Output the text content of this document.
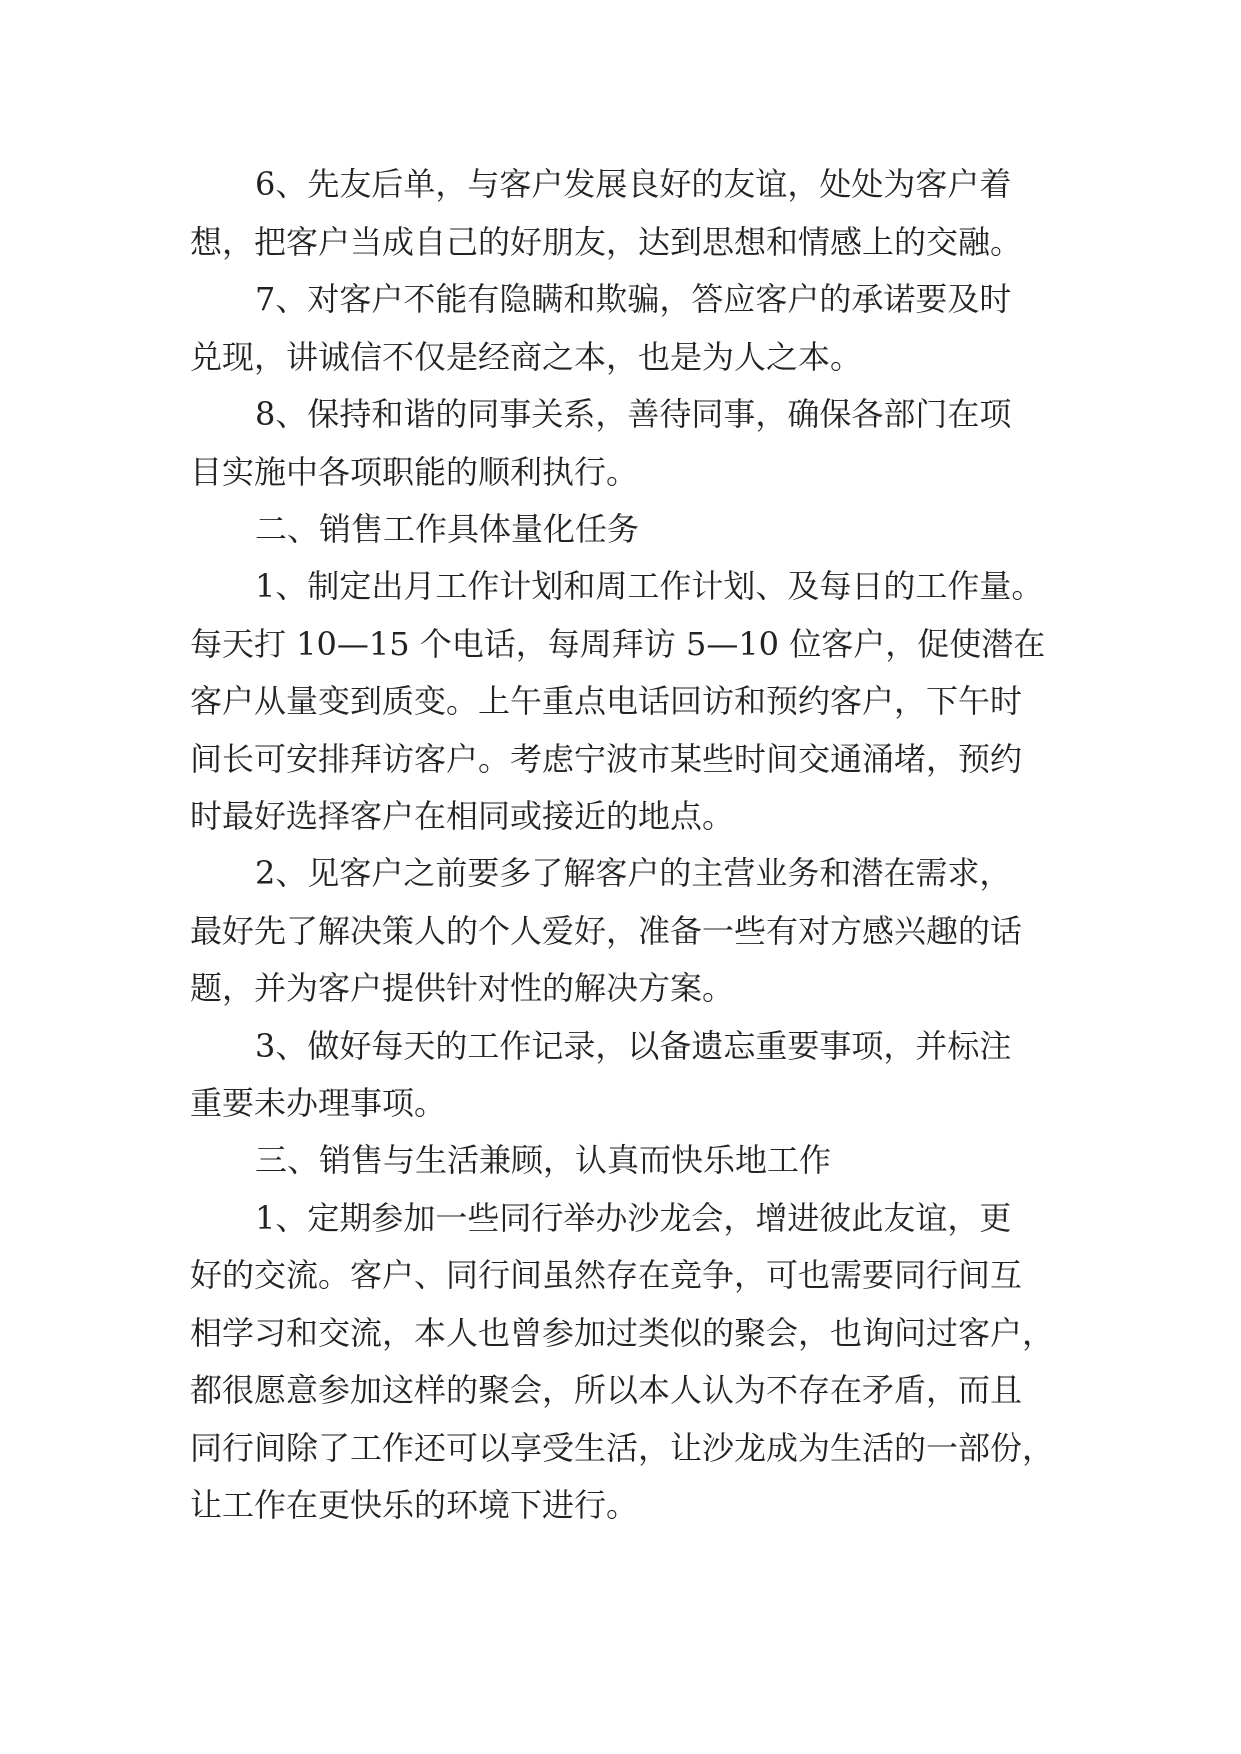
6、先友后单，与客户发展良好的友谊，处处为客户着

想，把客户当成自己的好朋友，达到思想和情感上的交融。

7、对客户不能有隐瞒和欺骗，答应客户的承诺要及时

兑现，讲诚信不仅是经商之本，也是为人之本。

8、保持和谐的同事关系，善待同事，确保各部门在项

目实施中各项职能的顺利执行。

二、销售工作具体量化任务

1、制定出月工作计划和周工作计划、及每日的工作量。

每天打 10—15 个电话，每周拜访 5—10 位客户，促使潜在

客户从量变到质变。上午重点电话回访和预约客户，下午时

间长可安排拜访客户。考虑宁波市某些时间交通涌堵，预约

时最好选择客户在相同或接近的地点。

2、见客户之前要多了解客户的主营业务和潜在需求，

最好先了解决策人的个人爱好，准备一些有对方感兴趣的话

题，并为客户提供针对性的解决方案。

3、做好每天的工作记录，以备遗忘重要事项，并标注

重要未办理事项。

三、销售与生活兼顾，认真而快乐地工作

1、定期参加一些同行举办沙龙会，增进彼此友谊，更

好的交流。客户、同行间虽然存在竞争，可也需要同行间互

相学习和交流，本人也曾参加过类似的聚会，也询问过客户，

都很愿意参加这样的聚会，所以本人认为不存在矛盾，而且

同行间除了工作还可以享受生活，让沙龙成为生活的一部份，

让工作在更快乐的环境下进行。
